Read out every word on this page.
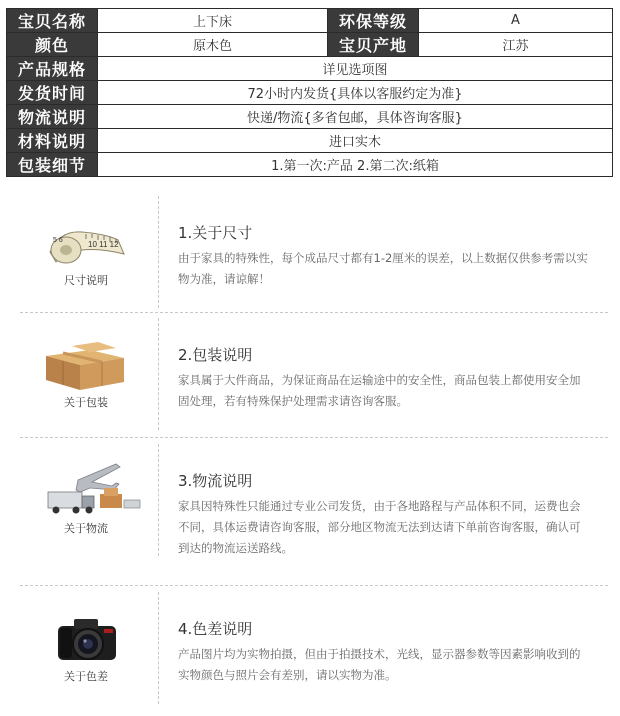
宝贝名称	上下床	环保等级	A
颜色	原木色	宝贝产地	江苏
产品规格	详见选项图		
发货时间	72小时内发货{具体以客服约定为准}		
物流说明	快递/物流{多省包邮，具体咨询客服}		
材料说明	进口实木		
包装细节	1.第一次:产品 2.第二次:纸箱		
10 11 12
5 6
尺寸说明
1.关于尺寸
由于家具的特殊性，每个成品尺寸都有1-2厘米的误差，以上数据仅供参考需以实物为准，请谅解！
关于包装
2.包装说明
家具属于大件商品，为保证商品在运输途中的安全性，商品包装上都使用安全加固处理，若有特殊保护处理需求请咨询客服。
关于物流
3.物流说明
家具因特殊性只能通过专业公司发货，由于各地路程与产品体积不同，运费也会不同，具体运费请咨询客服，部分地区物流无法到达请下单前咨询客服，确认可到达的物流运送路线。
关于色差
4.色差说明
产品图片均为实物拍摄，但由于拍摄技术，光线，显示器参数等因素影响收到的实物颜色与照片会有差别，请以实物为准。
